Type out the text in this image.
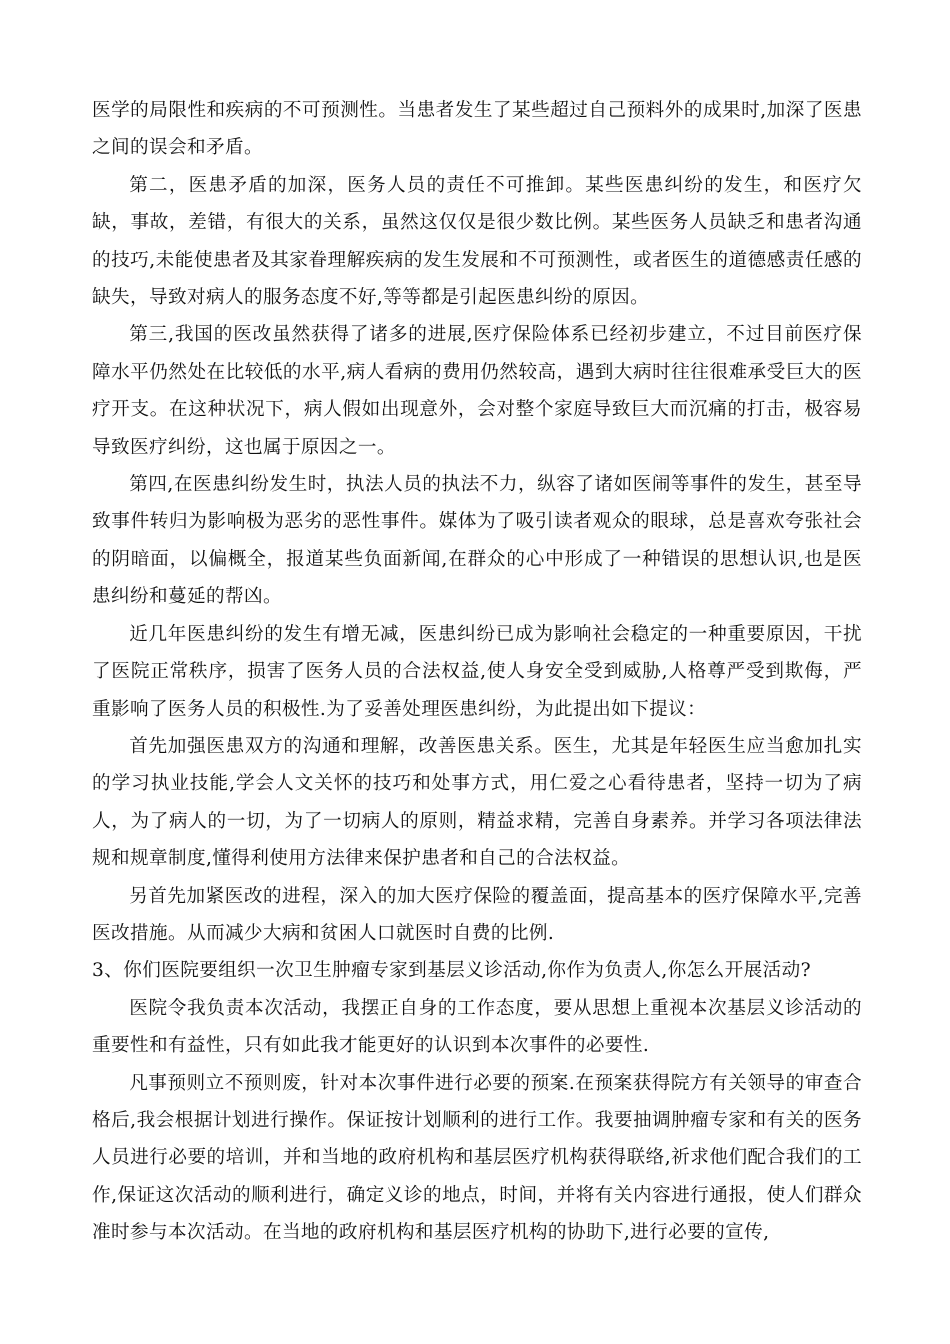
医学的局限性和疾病的不可预测性。当患者发生了某些超过自己预料外的成果时,加深了医患之间的误会和矛盾。

第二，医患矛盾的加深，医务人员的责任不可推卸。某些医患纠纷的发生，和医疗欠缺，事故，差错，有很大的关系，虽然这仅仅是很少数比例。某些医务人员缺乏和患者沟通的技巧,未能使患者及其家眷理解疾病的发生发展和不可预测性，或者医生的道德感责任感的缺失，导致对病人的服务态度不好,等等都是引起医患纠纷的原因。

第三,我国的医改虽然获得了诸多的进展,医疗保险体系已经初步建立，不过目前医疗保障水平仍然处在比较低的水平,病人看病的费用仍然较高，遇到大病时往往很难承受巨大的医疗开支。在这种状况下，病人假如出现意外，会对整个家庭导致巨大而沉痛的打击，极容易导致医疗纠纷，这也属于原因之一。

第四,在医患纠纷发生时，执法人员的执法不力，纵容了诸如医闹等事件的发生，甚至导致事件转归为影响极为恶劣的恶性事件。媒体为了吸引读者观众的眼球，总是喜欢夸张社会的阴暗面，以偏概全，报道某些负面新闻,在群众的心中形成了一种错误的思想认识,也是医患纠纷和蔓延的帮凶。

近几年医患纠纷的发生有增无减，医患纠纷已成为影响社会稳定的一种重要原因，干扰了医院正常秩序，损害了医务人员的合法权益,使人身安全受到威胁,人格尊严受到欺侮，严重影响了医务人员的积极性.为了妥善处理医患纠纷，为此提出如下提议：

首先加强医患双方的沟通和理解，改善医患关系。医生，尤其是年轻医生应当愈加扎实的学习执业技能,学会人文关怀的技巧和处事方式，用仁爱之心看待患者，坚持一切为了病人，为了病人的一切，为了一切病人的原则，精益求精，完善自身素养。并学习各项法律法规和规章制度,懂得利使用方法律来保护患者和自己的合法权益。

另首先加紧医改的进程，深入的加大医疗保险的覆盖面，提高基本的医疗保障水平,完善医改措施。从而减少大病和贫困人口就医时自费的比例.

3、你们医院要组织一次卫生肿瘤专家到基层义诊活动,你作为负责人,你怎么开展活动?

医院令我负责本次活动，我摆正自身的工作态度，要从思想上重视本次基层义诊活动的重要性和有益性，只有如此我才能更好的认识到本次事件的必要性.

凡事预则立不预则废，针对本次事件进行必要的预案.在预案获得院方有关领导的审查合格后,我会根据计划进行操作。保证按计划顺利的进行工作。我要抽调肿瘤专家和有关的医务人员进行必要的培训，并和当地的政府机构和基层医疗机构获得联络,祈求他们配合我们的工作,保证这次活动的顺利进行，确定义诊的地点，时间，并将有关内容进行通报，使人们群众准时参与本次活动。在当地的政府机构和基层医疗机构的协助下,进行必要的宣传,
